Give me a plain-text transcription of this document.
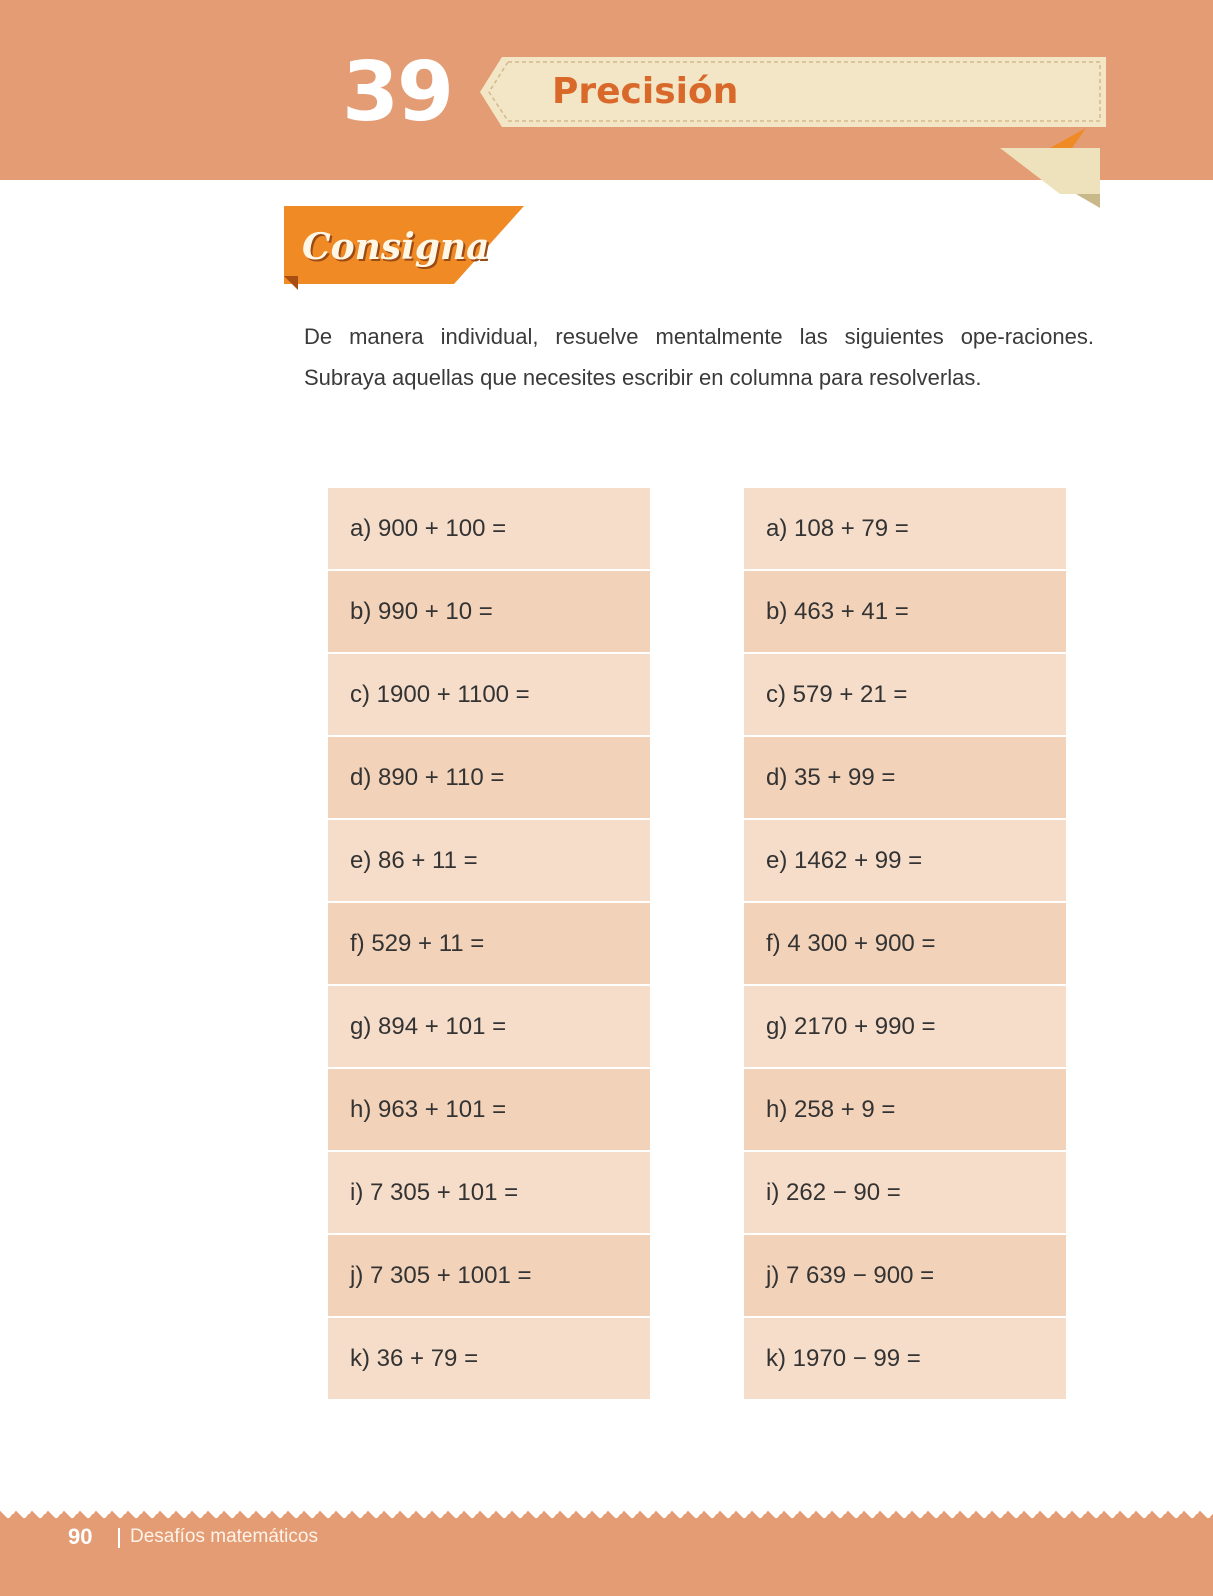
39	Precisión
Consigna
De manera individual, resuelve mentalmente las siguientes ope-raciones. Subraya aquellas que necesites escribir en columna para resolverlas.
a) 900 + 100 =
b) 990 + 10 =
c) 1900 + 1100 =
d) 890 + 110 =
e) 86 + 11 =
f) 529 + 11 =
g) 894 + 101 =
h) 963 + 101 =
i) 7 305 + 101 =
j) 7 305 + 1001 =
k) 36 + 79 =
a) 108 + 79 =
b) 463 + 41 =
c) 579 + 21 =
d) 35 + 99 =
e) 1462 + 99 =
f) 4 300 + 900 =
g) 2170 + 990 =
h) 258 + 9 =
i) 262 − 90 =
j) 7 639 − 900 =
k) 1970 − 99 =
90 Desafíos matemáticos
